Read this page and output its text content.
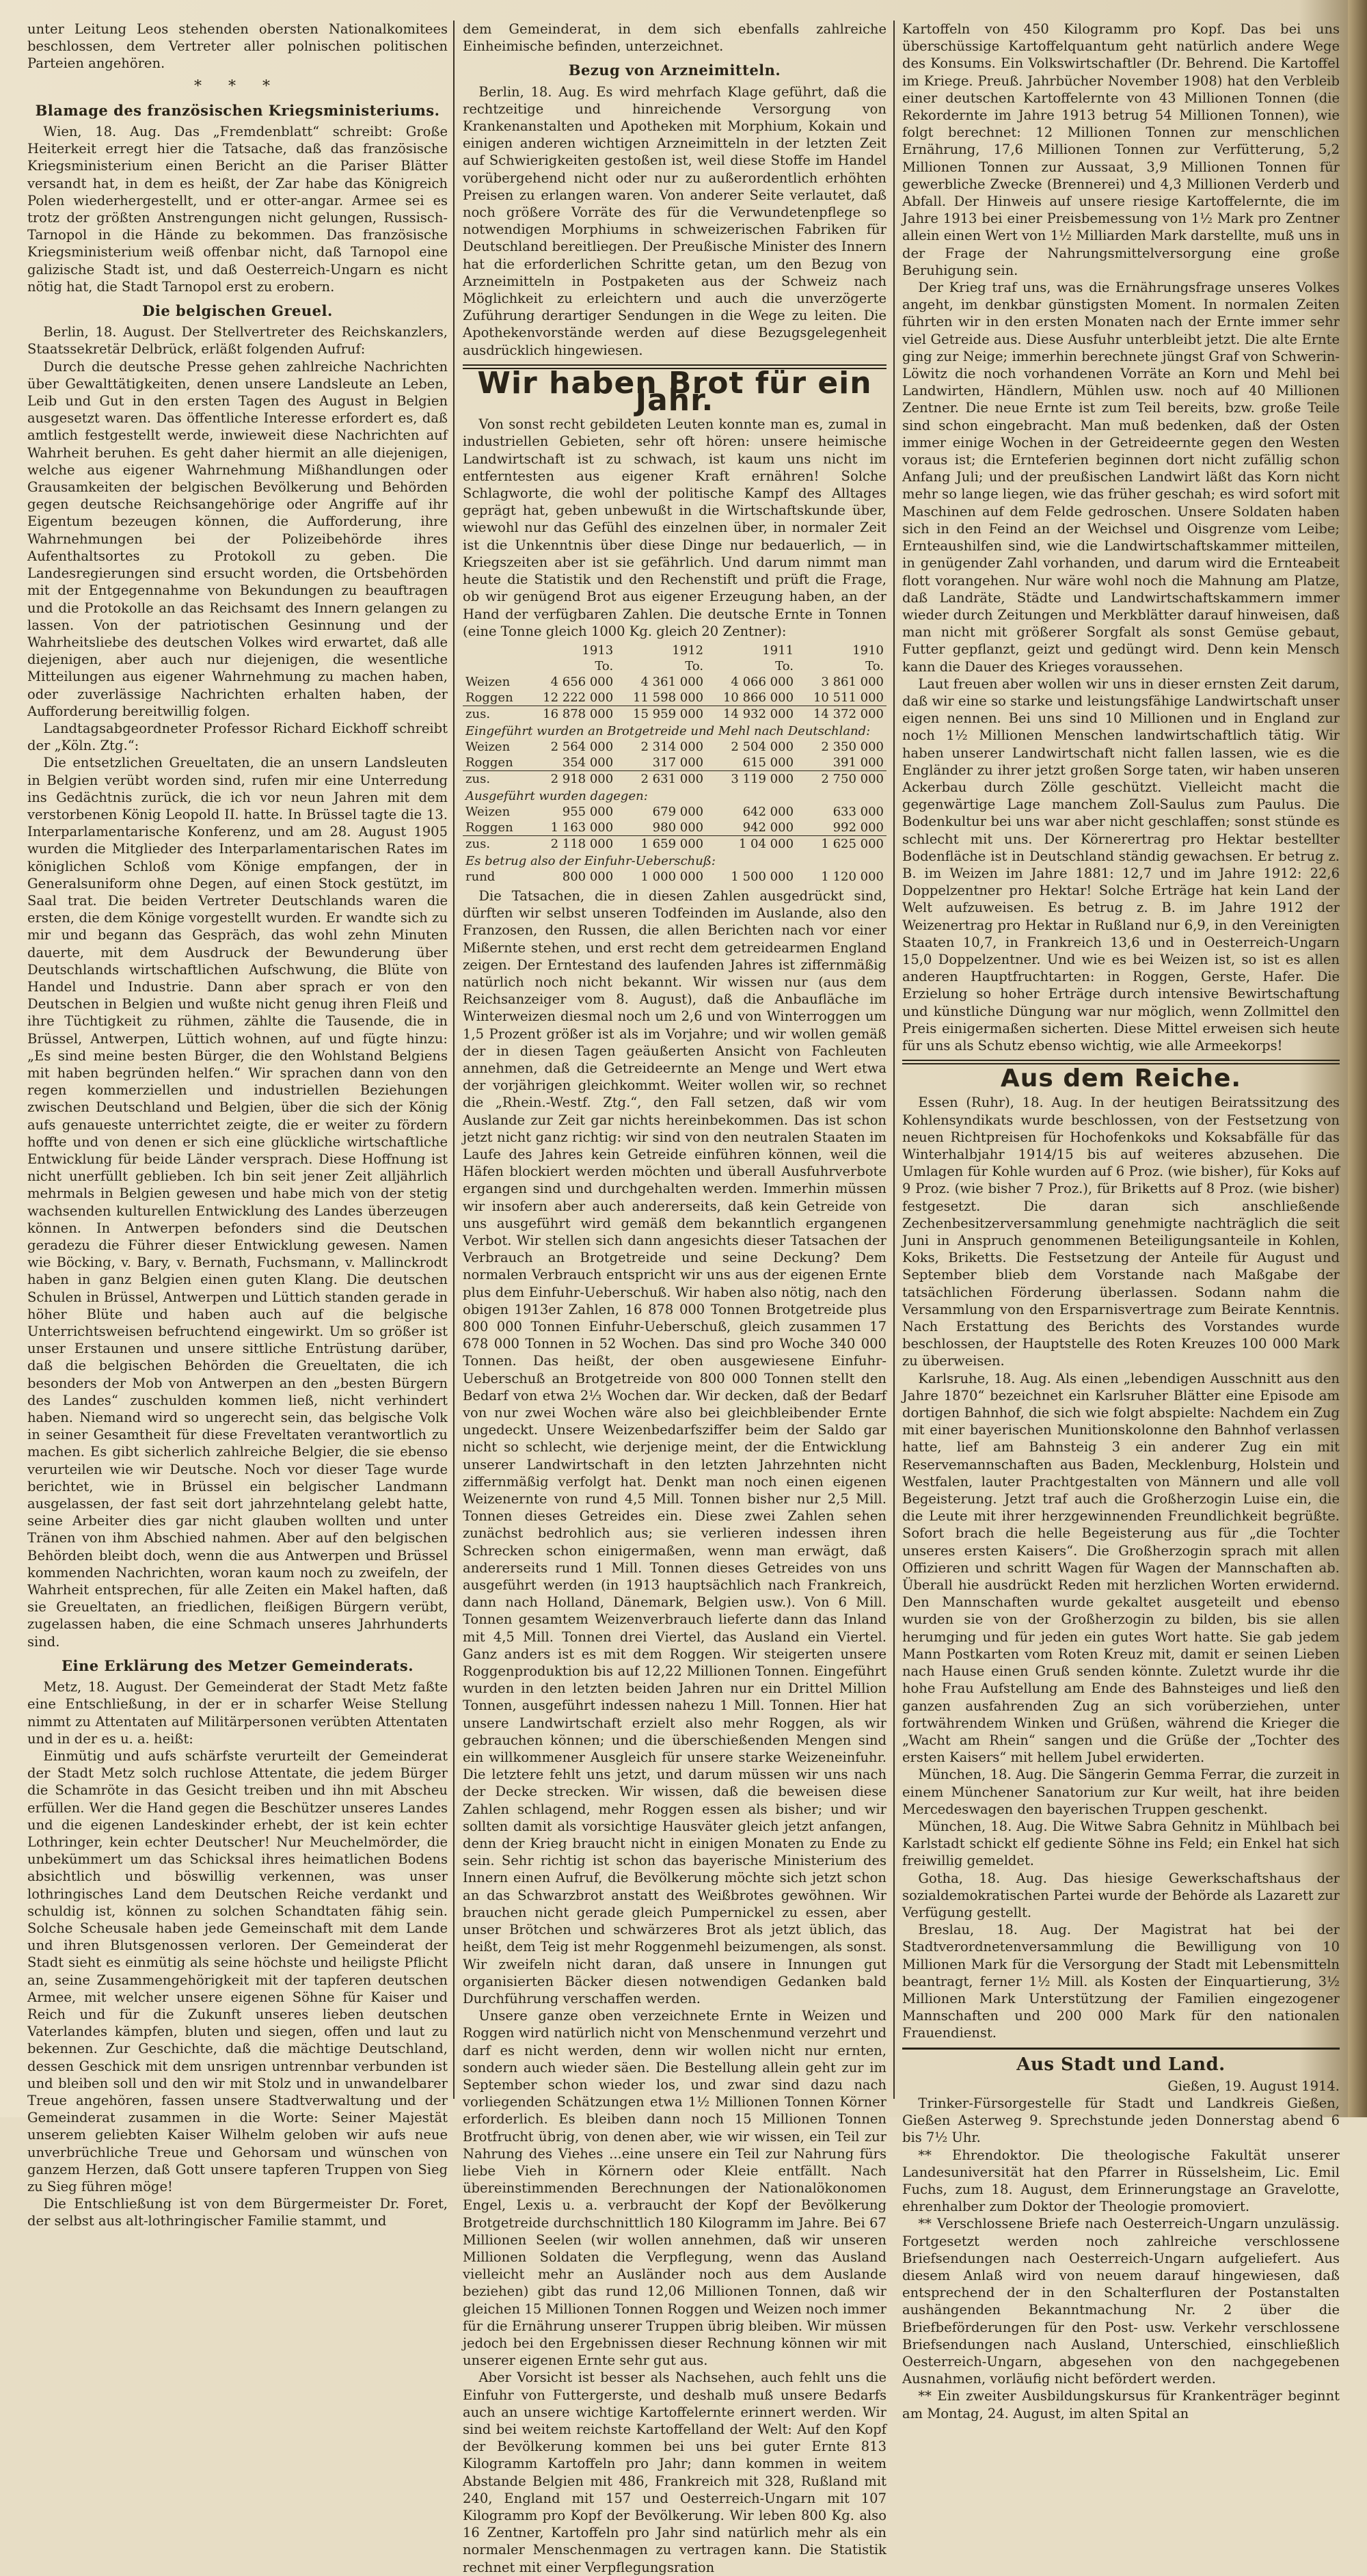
unter Leitung Leos stehenden obersten Nationalkomitees beschlossen, dem Vertreter aller polnischen politischen Parteien angehören.

* * *
Blamage des französischen Kriegsministeriums.

Wien, 18. Aug. Das „Fremdenblatt“ schreibt: Große Heiterkeit erregt hier die Tatsache, daß das französische Kriegsministerium einen Bericht an die Pariser Blätter versandt hat, in dem es heißt, der Zar habe das Königreich Polen wiederhergestellt, und er otter-angar. Armee sei es trotz der größten Anstrengungen nicht gelungen, Russisch-Tarnopol in die Hände zu bekommen. Das französische Kriegsministerium weiß offenbar nicht, daß Tarnopol eine galizische Stadt ist, und daß Oesterreich-Ungarn es nicht nötig hat, die Stadt Tarnopol erst zu erobern.

Die belgischen Greuel.

Berlin, 18. August. Der Stellvertreter des Reichskanzlers, Staatssekretär Delbrück, erläßt folgenden Aufruf:

Durch die deutsche Presse gehen zahlreiche Nachrichten über Gewalttätigkeiten, denen unsere Landsleute an Leben, Leib und Gut in den ersten Tagen des August in Belgien ausgesetzt waren. Das öffentliche Interesse erfordert es, daß amtlich festgestellt werde, inwieweit diese Nachrichten auf Wahrheit beruhen. Es geht daher hiermit an alle diejenigen, welche aus eigener Wahrnehmung Mißhandlungen oder Grausamkeiten der belgischen Bevölkerung und Behörden gegen deutsche Reichsangehörige oder Angriffe auf ihr Eigentum bezeugen können, die Aufforderung, ihre Wahrnehmungen bei der Polizeibehörde ihres Aufenthaltsortes zu Protokoll zu geben. Die Landesregierungen sind ersucht worden, die Ortsbehörden mit der Entgegennahme von Bekundungen zu beauftragen und die Protokolle an das Reichsamt des Innern gelangen zu lassen. Von der patriotischen Gesinnung und der Wahrheitsliebe des deutschen Volkes wird erwartet, daß alle diejenigen, aber auch nur diejenigen, die wesentliche Mitteilungen aus eigener Wahrnehmung zu machen haben, oder zuverlässige Nachrichten erhalten haben, der Aufforderung bereitwillig folgen.

Landtagsabgeordneter Professor Richard Eickhoff schreibt der „Köln. Ztg.“:

Die entsetzlichen Greueltaten, die an unsern Landsleuten in Belgien verübt worden sind, rufen mir eine Unterredung ins Gedächtnis zurück, die ich vor neun Jahren mit dem verstorbenen König Leopold II. hatte. In Brüssel tagte die 13. Interparlamentarische Konferenz, und am 28. August 1905 wurden die Mitglieder des Interparlamentarischen Rates im königlichen Schloß vom Könige empfangen, der in Generalsuniform ohne Degen, auf einen Stock gestützt, im Saal trat. Die beiden Vertreter Deutschlands waren die ersten, die dem Könige vorgestellt wurden. Er wandte sich zu mir und begann das Gespräch, das wohl zehn Minuten dauerte, mit dem Ausdruck der Bewunderung über Deutschlands wirtschaftlichen Aufschwung, die Blüte von Handel und Industrie. Dann aber sprach er von den Deutschen in Belgien und wußte nicht genug ihren Fleiß und ihre Tüchtigkeit zu rühmen, zählte die Tausende, die in Brüssel, Antwerpen, Lüttich wohnen, auf und fügte hinzu: „Es sind meine besten Bürger, die den Wohlstand Belgiens mit haben begründen helfen.“ Wir sprachen dann von den regen kommerziellen und industriellen Beziehungen zwischen Deutschland und Belgien, über die sich der König aufs genaueste unterrichtet zeigte, die er weiter zu fördern hoffte und von denen er sich eine glückliche wirtschaftliche Entwicklung für beide Länder versprach. Diese Hoffnung ist nicht unerfüllt geblieben. Ich bin seit jener Zeit alljährlich mehrmals in Belgien gewesen und habe mich von der stetig wachsenden kulturellen Entwicklung des Landes überzeugen können. In Antwerpen befonders sind die Deutschen geradezu die Führer dieser Entwicklung gewesen. Namen wie Böcking, v. Bary, v. Bernath, Fuchsmann, v. Mallinckrodt haben in ganz Belgien einen guten Klang. Die deutschen Schulen in Brüssel, Antwerpen und Lüttich standen gerade in höher Blüte und haben auch auf die belgische Unterrichtsweisen befruchtend eingewirkt. Um so größer ist unser Erstaunen und unsere sittliche Entrüstung darüber, daß die belgischen Behörden die Greueltaten, die ich besonders der Mob von Antwerpen an den „besten Bürgern des Landes“ zuschulden kommen ließ, nicht verhindert haben. Niemand wird so ungerecht sein, das belgische Volk in seiner Gesamtheit für diese Freveltaten verantwortlich zu machen. Es gibt sicherlich zahlreiche Belgier, die sie ebenso verurteilen wie wir Deutsche. Noch vor dieser Tage wurde berichtet, wie in Brüssel ein belgischer Landmann ausgelassen, der fast seit dort jahrzehntelang gelebt hatte, seine Arbeiter dies gar nicht glauben wollten und unter Tränen von ihm Abschied nahmen. Aber auf den belgischen Behörden bleibt doch, wenn die aus Antwerpen und Brüssel kommenden Nachrichten, woran kaum noch zu zweifeln, der Wahrheit entsprechen, für alle Zeiten ein Makel haften, daß sie Greueltaten, an friedlichen, fleißigen Bürgern verübt, zugelassen haben, die eine Schmach unseres Jahrhunderts sind.

Eine Erklärung des Metzer Gemeinderats.

Metz, 18. August. Der Gemeinderat der Stadt Metz faßte eine Entschließung, in der er in scharfer Weise Stellung nimmt zu Attentaten auf Militärpersonen verübten Attentaten und in der es u. a. heißt:

Einmütig und aufs schärfste verurteilt der Gemeinderat der Stadt Metz solch ruchlose Attentate, die jedem Bürger die Schamröte in das Gesicht treiben und ihn mit Abscheu erfüllen. Wer die Hand gegen die Beschützer unseres Landes und die eigenen Landeskinder erhebt, der ist kein echter Lothringer, kein echter Deutscher! Nur Meuchelmörder, die unbekümmert um das Schicksal ihres heimatlichen Bodens absichtlich und böswillig verkennen, was unser lothringisches Land dem Deutschen Reiche verdankt und schuldig ist, können zu solchen Schandtaten fähig sein. Solche Scheusale haben jede Gemeinschaft mit dem Lande und ihren Blutsgenossen verloren. Der Gemeinderat der Stadt sieht es einmütig als seine höchste und heiligste Pflicht an, seine Zusammengehörigkeit mit der tapferen deutschen Armee, mit welcher unsere eigenen Söhne für Kaiser und Reich und für die Zukunft unseres lieben deutschen Vaterlandes kämpfen, bluten und siegen, offen und laut zu bekennen. Zur Geschichte, daß die mächtige Deutschland, dessen Geschick mit dem unsrigen untrennbar verbunden ist und bleiben soll und den wir mit Stolz und in unwandelbarer Treue angehören, fassen unsere Stadtverwaltung und der Gemeinderat zusammen in die Worte: Seiner Majestät unserem geliebten Kaiser Wilhelm geloben wir aufs neue unverbrüchliche Treue und Gehorsam und wünschen von ganzem Herzen, daß Gott unsere tapferen Truppen von Sieg zu Sieg führen möge!

Die Entschließung ist von dem Bürgermeister Dr. Foret, der selbst aus alt-lothringischer Familie stammt, und

dem Gemeinderat, in dem sich ebenfalls zahlreiche Einheimische befinden, unterzeichnet.

Bezug von Arzneimitteln.

Berlin, 18. Aug. Es wird mehrfach Klage geführt, daß die rechtzeitige und hinreichende Versorgung von Krankenanstalten und Apotheken mit Morphium, Kokain und einigen anderen wichtigen Arzneimitteln in der letzten Zeit auf Schwierigkeiten gestoßen ist, weil diese Stoffe im Handel vorübergehend nicht oder nur zu außerordentlich erhöhten Preisen zu erlangen waren. Von anderer Seite verlautet, daß noch größere Vorräte des für die Verwundetenpflege so notwendigen Morphiums in schweizerischen Fabriken für Deutschland bereitliegen. Der Preußische Minister des Innern hat die erforderlichen Schritte getan, um den Bezug von Arzneimitteln in Postpaketen aus der Schweiz nach Möglichkeit zu erleichtern und auch die unverzögerte Zuführung derartiger Sendungen in die Wege zu leiten. Die Apothekenvorstände werden auf diese Bezugsgelegenheit ausdrücklich hingewiesen.

Wir haben Brot für ein Jahr.

Von sonst recht gebildeten Leuten konnte man es, zumal in industriellen Gebieten, sehr oft hören: unsere heimische Landwirtschaft ist zu schwach, ist kaum uns nicht im entferntesten aus eigener Kraft ernähren! Solche Schlagworte, die wohl der politische Kampf des Alltages geprägt hat, geben unbewußt in die Wirtschaftskunde über, wiewohl nur das Gefühl des einzelnen über, in normaler Zeit ist die Unkenntnis über diese Dinge nur bedauerlich, — in Kriegszeiten aber ist sie gefährlich. Und darum nimmt man heute die Statistik und den Rechenstift und prüft die Frage, ob wir genügend Brot aus eigener Erzeugung haben, an der Hand der verfügbaren Zahlen. Die deutsche Ernte in Tonnen (eine Tonne gleich 1000 Kg. gleich 20 Zentner):

	1913	1912	1911	1910
	To.	To.	To.	To.
Weizen	4 656 000	4 361 000	4 066 000	3 861 000
Roggen	12 222 000	11 598 000	10 866 000	10 511 000
zus.	16 878 000	15 959 000	14 932 000	14 372 000
Eingeführt wurden an Brotgetreide und Mehl nach Deutschland:				
Weizen	2 564 000	2 314 000	2 504 000	2 350 000
Roggen	354 000	317 000	615 000	391 000
zus.	2 918 000	2 631 000	3 119 000	2 750 000
Ausgeführt wurden dagegen:				
Weizen	955 000	679 000	642 000	633 000
Roggen	1 163 000	980 000	942 000	992 000
zus.	2 118 000	1 659 000	1 04 000	1 625 000
Es betrug also der Einfuhr-Ueberschuß:				
rund	800 000	1 000 000	1 500 000	1 120 000

Die Tatsachen, die in diesen Zahlen ausgedrückt sind, dürften wir selbst unseren Todfeinden im Auslande, also den Franzosen, den Russen, die allen Berichten nach vor einer Mißernte stehen, und erst recht dem getreidearmen England zeigen. Der Erntestand des laufenden Jahres ist ziffernmäßig natürlich noch nicht bekannt. Wir wissen nur (aus dem Reichsanzeiger vom 8. August), daß die Anbaufläche im Winterweizen diesmal noch um 2,6 und von Winterroggen um 1,5 Prozent größer ist als im Vorjahre; und wir wollen gemäß der in diesen Tagen geäußerten Ansicht von Fachleuten annehmen, daß die Getreideernte an Menge und Wert etwa der vorjährigen gleichkommt. Weiter wollen wir, so rechnet die „Rhein.-Westf. Ztg.“, den Fall setzen, daß wir vom Auslande zur Zeit gar nichts hereinbekommen. Das ist schon jetzt nicht ganz richtig: wir sind von den neutralen Staaten im Laufe des Jahres kein Getreide einführen können, weil die Häfen blockiert werden möchten und überall Ausfuhrverbote ergangen sind und durchgehalten werden. Immerhin müssen wir insofern aber auch andererseits, daß kein Getreide von uns ausgeführt wird gemäß dem bekanntlich ergangenen Verbot. Wir stellen sich dann angesichts dieser Tatsachen der Verbrauch an Brotgetreide und seine Deckung? Dem normalen Verbrauch entspricht wir uns aus der eigenen Ernte plus dem Einfuhr-Ueberschuß. Wir haben also nötig, nach den obigen 1913er Zahlen, 16 878 000 Tonnen Brotgetreide plus 800 000 Tonnen Einfuhr-Ueberschuß, gleich zusammen 17 678 000 Tonnen in 52 Wochen. Das sind pro Woche 340 000 Tonnen. Das heißt, der oben ausgewiesene Einfuhr-Ueberschuß an Brotgetreide von 800 000 Tonnen stellt den Bedarf von etwa 2⅓ Wochen dar. Wir decken, daß der Bedarf von nur zwei Wochen wäre also bei gleichbleibender Ernte ungedeckt. Unsere Weizenbedarfsziffer beim der Saldo gar nicht so schlecht, wie derjenige meint, der die Entwicklung unserer Landwirtschaft in den letzten Jahrzehnten nicht ziffernmäßig verfolgt hat. Denkt man noch einen eigenen Weizenernte von rund 4,5 Mill. Tonnen bisher nur 2,5 Mill. Tonnen dieses Getreides ein. Diese zwei Zahlen sehen zunächst bedrohlich aus; sie verlieren indessen ihren Schrecken schon einigermaßen, wenn man erwägt, daß andererseits rund 1 Mill. Tonnen dieses Getreides von uns ausgeführt werden (in 1913 hauptsächlich nach Frankreich, dann nach Holland, Dänemark, Belgien usw.). Von 6 Mill. Tonnen gesamtem Weizenverbrauch lieferte dann das Inland mit 4,5 Mill. Tonnen drei Viertel, das Ausland ein Viertel. Ganz anders ist es mit dem Roggen. Wir steigerten unsere Roggenproduktion bis auf 12,22 Millionen Tonnen. Eingeführt wurden in den letzten beiden Jahren nur ein Drittel Million Tonnen, ausgeführt indessen nahezu 1 Mill. Tonnen. Hier hat unsere Landwirtschaft erzielt also mehr Roggen, als wir gebrauchen können; und die überschießenden Mengen sind ein willkommener Ausgleich für unsere starke Weizeneinfuhr. Die letztere fehlt uns jetzt, und darum müssen wir uns nach der Decke strecken. Wir wissen, daß die beweisen diese Zahlen schlagend, mehr Roggen essen als bisher; und wir sollten damit als vorsichtige Hausväter gleich jetzt anfangen, denn der Krieg braucht nicht in einigen Monaten zu Ende zu sein. Sehr richtig ist schon das bayerische Ministerium des Innern einen Aufruf, die Bevölkerung möchte sich jetzt schon an das Schwarzbrot anstatt des Weißbrotes gewöhnen. Wir brauchen nicht gerade gleich Pumpernickel zu essen, aber unser Brötchen und schwärzeres Brot als jetzt üblich, das heißt, dem Teig ist mehr Roggenmehl beizumengen, als sonst. Wir zweifeln nicht daran, daß unsere in Innungen gut organisierten Bäcker diesen notwendigen Gedanken bald Durchführung verschaffen werden.

Unsere ganze oben verzeichnete Ernte in Weizen und Roggen wird natürlich nicht von Menschenmund verzehrt und darf es nicht werden, denn wir wollen nicht nur ernten, sondern auch wieder säen. Die Bestellung allein geht zur im September schon wieder los, und zwar sind dazu nach vorliegenden Schätzungen etwa 1½ Millionen Tonnen Körner erforderlich. Es bleiben dann noch 15 Millionen Tonnen Brotfrucht übrig, von denen aber, wie wir wissen, ein Teil zur Nahrung des Viehes ...eine unsere ein Teil zur Nahrung fürs liebe Vieh in Körnern oder Kleie entfällt. Nach übereinstimmenden Berechnungen der Nationalökonomen Engel, Lexis u. a. verbraucht der Kopf der Bevölkerung Brotgetreide durchschnittlich 180 Kilogramm im Jahre. Bei 67 Millionen Seelen (wir wollen annehmen, daß wir unseren Millionen Soldaten die Verpflegung, wenn das Ausland vielleicht mehr an Ausländer noch aus dem Auslande beziehen) gibt das rund 12,06 Millionen Tonnen, daß wir gleichen 15 Millionen Tonnen Roggen und Weizen noch immer für die Ernährung unserer Truppen übrig bleiben. Wir müssen jedoch bei den Ergebnissen dieser Rechnung können wir mit unserer eigenen Ernte sehr gut aus.

Aber Vorsicht ist besser als Nachsehen, auch fehlt uns die Einfuhr von Futtergerste, und deshalb muß unsere Bedarfs auch an unsere wichtige Kartoffelernte erinnert werden. Wir sind bei weitem reichste Kartoffelland der Welt: Auf den Kopf der Bevölkerung kommen bei uns bei guter Ernte 813 Kilogramm Kartoffeln pro Jahr; dann kommen in weitem Abstande Belgien mit 486, Frankreich mit 328, Rußland mit 240, England mit 157 und Oesterreich-Ungarn mit 107 Kilogramm pro Kopf der Bevölkerung. Wir leben 800 Kg. also 16 Zentner, Kartoffeln pro Jahr sind natürlich mehr als ein normaler Menschenmagen zu vertragen kann. Die Statistik rechnet mit einer Verpflegungsration

Kartoffeln von 450 Kilogramm pro Kopf. Das bei uns überschüssige Kartoffelquantum geht natürlich andere Wege des Konsums. Ein Volkswirtschaftler (Dr. Behrend. Die Kartoffel im Kriege. Preuß. Jahrbücher November 1908) hat den Verbleib einer deutschen Kartoffelernte von 43 Millionen Tonnen (die Rekordernte im Jahre 1913 betrug 54 Millionen Tonnen), wie folgt berechnet: 12 Millionen Tonnen zur menschlichen Ernährung, 17,6 Millionen Tonnen zur Verfütterung, 5,2 Millionen Tonnen zur Aussaat, 3,9 Millionen Tonnen für gewerbliche Zwecke (Brennerei) und 4,3 Millionen Verderb und Abfall. Der Hinweis auf unsere riesige Kartoffelernte, die im Jahre 1913 bei einer Preisbemessung von 1½ Mark pro Zentner allein einen Wert von 1½ Milliarden Mark darstellte, muß uns in der Frage der Nahrungsmittelversorgung eine große Beruhigung sein.

Der Krieg traf uns, was die Ernährungsfrage unseres Volkes angeht, im denkbar günstigsten Moment. In normalen Zeiten führten wir in den ersten Monaten nach der Ernte immer sehr viel Getreide aus. Diese Ausfuhr unterbleibt jetzt. Die alte Ernte ging zur Neige; immerhin berechnete jüngst Graf von Schwerin-Löwitz die noch vorhandenen Vorräte an Korn und Mehl bei Landwirten, Händlern, Mühlen usw. noch auf 40 Millionen Zentner. Die neue Ernte ist zum Teil bereits, bzw. große Teile sind schon eingebracht. Man muß bedenken, daß der Osten immer einige Wochen in der Getreideernte gegen den Westen voraus ist; die Ernteferien beginnen dort nicht zufällig schon Anfang Juli; und der preußischen Landwirt läßt das Korn nicht mehr so lange liegen, wie das früher geschah; es wird sofort mit Maschinen auf dem Felde gedroschen. Unsere Soldaten haben sich in den Feind an der Weichsel und Oisgrenze vom Leibe; Ernteaushilfen sind, wie die Landwirtschaftskammer mitteilen, in genügender Zahl vorhanden, und darum wird die Ernteabeit flott vorangehen. Nur wäre wohl noch die Mahnung am Platze, daß Landräte, Städte und Landwirtschaftskammern immer wieder durch Zeitungen und Merkblätter darauf hinweisen, daß man nicht mit größerer Sorgfalt als sonst Gemüse gebaut, Futter gepflanzt, geizt und gedüngt wird. Denn kein Mensch kann die Dauer des Krieges voraussehen.

Laut freuen aber wollen wir uns in dieser ernsten Zeit darum, daß wir eine so starke und leistungsfähige Landwirtschaft unser eigen nennen. Bei uns sind 10 Millionen und in England zur noch 1½ Millionen Menschen landwirtschaftlich tätig. Wir haben unserer Landwirtschaft nicht fallen lassen, wie es die Engländer zu ihrer jetzt großen Sorge taten, wir haben unseren Ackerbau durch Zölle geschützt. Vielleicht macht die gegenwärtige Lage manchem Zoll-Saulus zum Paulus. Die Bodenkultur bei uns war aber nicht geschlaffen; sonst stünde es schlecht mit uns. Der Körnerertrag pro Hektar bestellter Bodenfläche ist in Deutschland ständig gewachsen. Er betrug z. B. im Weizen im Jahre 1881: 12,7 und im Jahre 1912: 22,6 Doppelzentner pro Hektar! Solche Erträge hat kein Land der Welt aufzuweisen. Es betrug z. B. im Jahre 1912 der Weizenertrag pro Hektar in Rußland nur 6,9, in den Vereinigten Staaten 10,7, in Frankreich 13,6 und in Oesterreich-Ungarn 15,0 Doppelzentner. Und wie es bei Weizen ist, so ist es allen anderen Hauptfruchtarten: in Roggen, Gerste, Hafer. Die Erzielung so hoher Erträge durch intensive Bewirtschaftung und künstliche Düngung war nur möglich, wenn Zollmittel den Preis einigermaßen sicherten. Diese Mittel erweisen sich heute für uns als Schutz ebenso wichtig, wie alle Armeekorps!

Aus dem Reiche.

Essen (Ruhr), 18. Aug. In der heutigen Beiratssitzung des Kohlensyndikats wurde beschlossen, von der Festsetzung von neuen Richtpreisen für Hochofenkoks und Koksabfälle für das Winterhalbjahr 1914/15 bis auf weiteres abzusehen. Die Umlagen für Kohle wurden auf 6 Proz. (wie bisher), für Koks auf 9 Proz. (wie bisher 7 Proz.), für Briketts auf 8 Proz. (wie bisher) festgesetzt. Die daran sich anschließende Zechenbesitzerversammlung genehmigte nachträglich die seit Juni in Anspruch genommenen Beteiligungsanteile in Kohlen, Koks, Briketts. Die Festsetzung der Anteile für August und September blieb dem Vorstande nach Maßgabe der tatsächlichen Förderung überlassen. Sodann nahm die Versammlung von den Ersparnisvertrage zum Beirate Kenntnis. Nach Erstattung des Berichts des Vorstandes wurde beschlossen, der Hauptstelle des Roten Kreuzes 100 000 Mark zu überweisen.

Karlsruhe, 18. Aug. Als einen „lebendigen Ausschnitt aus den Jahre 1870“ bezeichnet ein Karlsruher Blätter eine Episode am dortigen Bahnhof, die sich wie folgt abspielte: Nachdem ein Zug mit einer bayerischen Munitionskolonne den Bahnhof verlassen hatte, lief am Bahnsteig 3 ein anderer Zug ein mit Reservemannschaften aus Baden, Mecklenburg, Holstein und Westfalen, lauter Prachtgestalten von Männern und alle voll Begeisterung. Jetzt traf auch die Großherzogin Luise ein, die die Leute mit ihrer herzgewinnenden Freundlichkeit begrüßte. Sofort brach die helle Begeisterung aus für „die Tochter unseres ersten Kaisers“. Die Großherzogin sprach mit allen Offizieren und schritt Wagen für Wagen der Mannschaften ab. Überall hie ausdrückt Reden mit herzlichen Worten erwidernd. Den Mannschaften wurde gekaltet ausgeteilt und ebenso wurden sie von der Großherzogin zu bilden, bis sie allen herumging und für jeden ein gutes Wort hatte. Sie gab jedem Mann Postkarten vom Roten Kreuz mit, damit er seinen Lieben nach Hause einen Gruß senden könnte. Zuletzt wurde ihr die hohe Frau Aufstellung am Ende des Bahnsteiges und ließ den ganzen ausfahrenden Zug an sich vorüberziehen, unter fortwährendem Winken und Grüßen, während die Krieger die „Wacht am Rhein“ sangen und die Grüße der „Tochter des ersten Kaisers“ mit hellem Jubel erwiderten.

München, 18. Aug. Die Sängerin Gemma Ferrar, die zurzeit in einem Münchener Sanatorium zur Kur weilt, hat ihre beiden Mercedeswagen den bayerischen Truppen geschenkt.

München, 18. Aug. Die Witwe Sabra Gehnitz in Mühlbach bei Karlstadt schickt elf gediente Söhne ins Feld; ein Enkel hat sich freiwillig gemeldet.

Gotha, 18. Aug. Das hiesige Gewerkschaftshaus der sozialdemokratischen Partei wurde der Behörde als Lazarett zur Verfügung gestellt.

Breslau, 18. Aug. Der Magistrat hat bei der Stadtverordnetenversammlung die Bewilligung von 10 Millionen Mark für die Versorgung der Stadt mit Lebensmitteln beantragt, ferner 1½ Mill. als Kosten der Einquartierung, 3½ Millionen Mark Unterstützung der Familien eingezogener Mannschaften und 200 000 Mark für den nationalen Frauendienst.

Aus Stadt und Land.

Gießen, 19. August 1914.

Trinker-Fürsorgestelle für Stadt und Landkreis Gießen, Gießen Asterweg 9. Sprechstunde jeden Donnerstag abend 6 bis 7½ Uhr.

** Ehrendoktor. Die theologische Fakultät unserer Landesuniversität hat den Pfarrer in Rüsselsheim, Lic. Emil Fuchs, zum 18. August, dem Erinnerungstage an Gravelotte, ehrenhalber zum Doktor der Theologie promoviert.

** Verschlossene Briefe nach Oesterreich-Ungarn unzulässig. Fortgesetzt werden noch zahlreiche verschlossene Briefsendungen nach Oesterreich-Ungarn aufgeliefert. Aus diesem Anlaß wird von neuem darauf hingewiesen, daß entsprechend der in den Schalterfluren der Postanstalten aushängenden Bekanntmachung Nr. 2 über die Briefbeförderungen für den Post- usw. Verkehr verschlossene Briefsendungen nach Ausland, Unterschied, einschließlich Oesterreich-Ungarn, abgesehen von den nachgegebenen Ausnahmen, vorläufig nicht befördert werden.

** Ein zweiter Ausbildungskursus für Krankenträger beginnt am Montag, 24. August, im alten Spital an
